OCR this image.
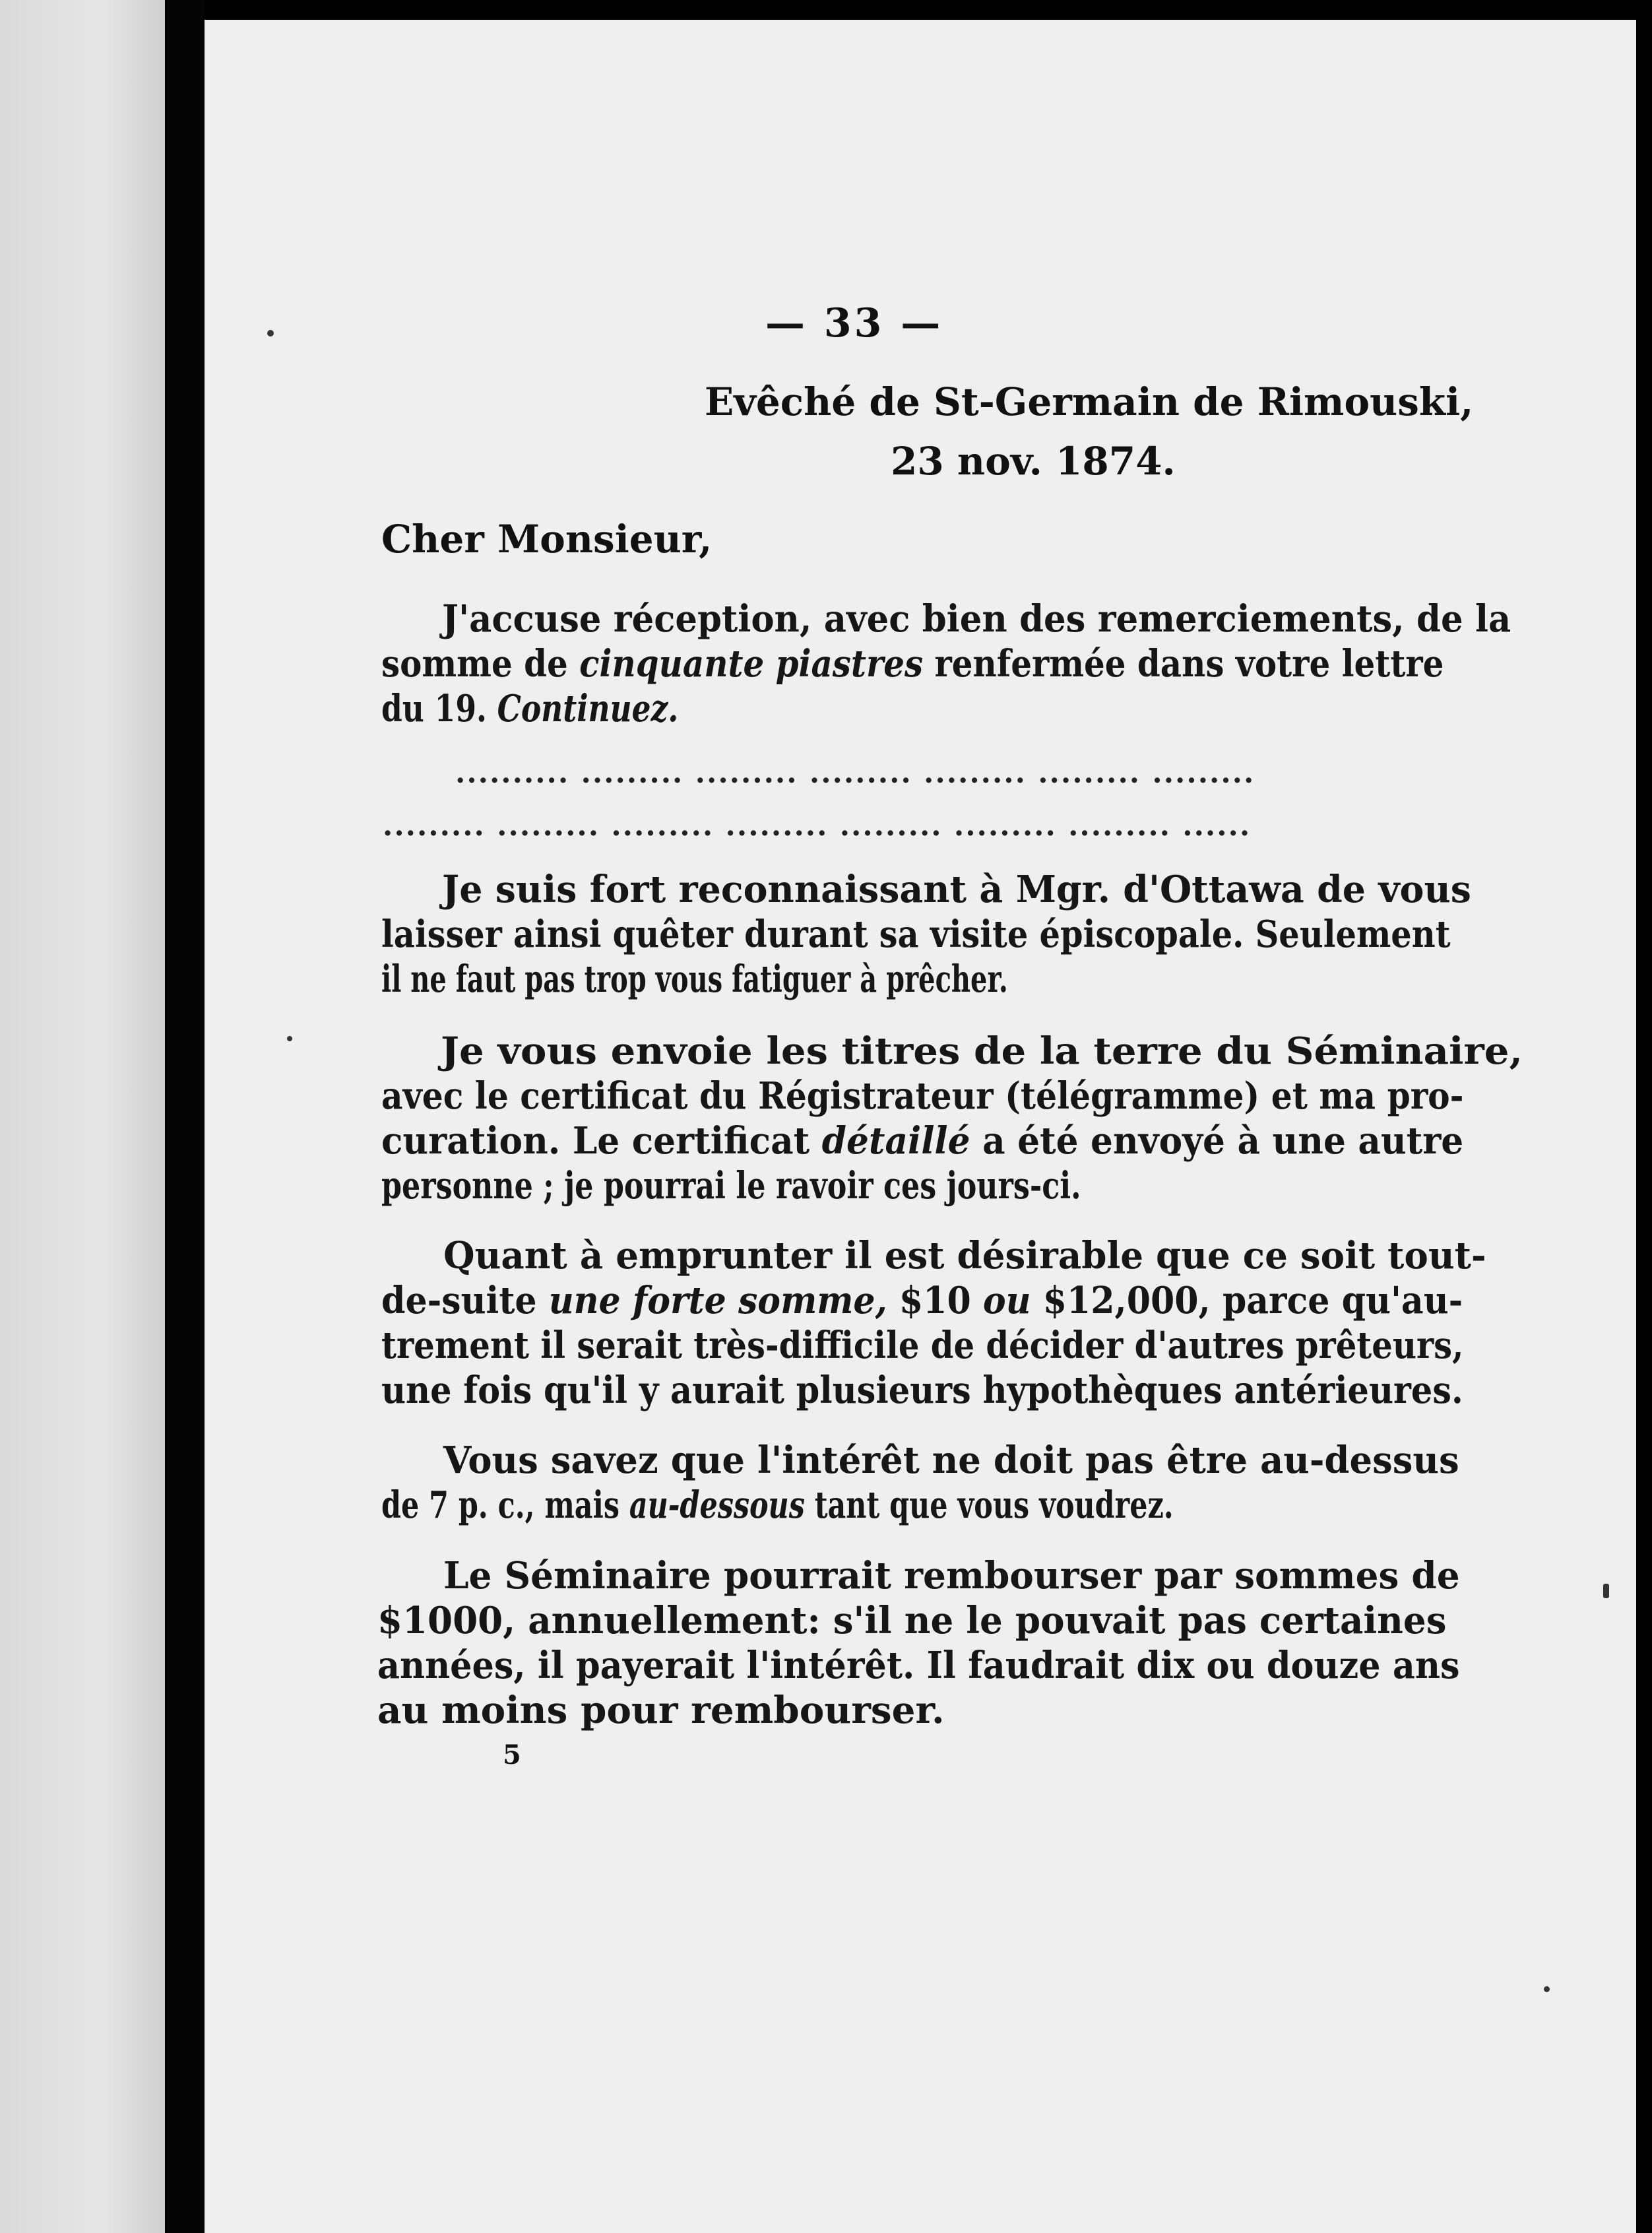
— 33 —
Evêché de St-Germain de Rimouski,
23 nov. 1874.
Cher Monsieur,
J'accuse réception, avec bien des remerciements, de la
somme de cinquante piastres renfermée dans votre lettre
du 19. Continuez.
Je suis fort reconnaissant à Mgr. d'Ottawa de vous
laisser ainsi quêter durant sa visite épiscopale. Seulement
il ne faut pas trop vous fatiguer à prêcher.
Je vous envoie les titres de la terre du Séminaire,
avec le certificat du Régistrateur (télégramme) et ma pro-
curation. Le certificat détaillé a été envoyé à une autre
personne ; je pourrai le ravoir ces jours-ci.
Quant à emprunter il est désirable que ce soit tout-
de-suite une forte somme, $10 ou $12,000, parce qu'au-
trement il serait très-difficile de décider d'autres prêteurs,
une fois qu'il y aurait plusieurs hypothèques antérieures.
Vous savez que l'intérêt ne doit pas être au-dessus
de 7 p. c., mais au-dessous tant que vous voudrez.
Le Séminaire pourrait rembourser par sommes de
$1000, annuellement: s'il ne le pouvait pas certaines
années, il payerait l'intérêt. Il faudrait dix ou douze ans
au moins pour rembourser.
.......... ......... ......... ......... ......... ......... .........
......... ......... ......... ......... ......... ......... ......... ......
5
